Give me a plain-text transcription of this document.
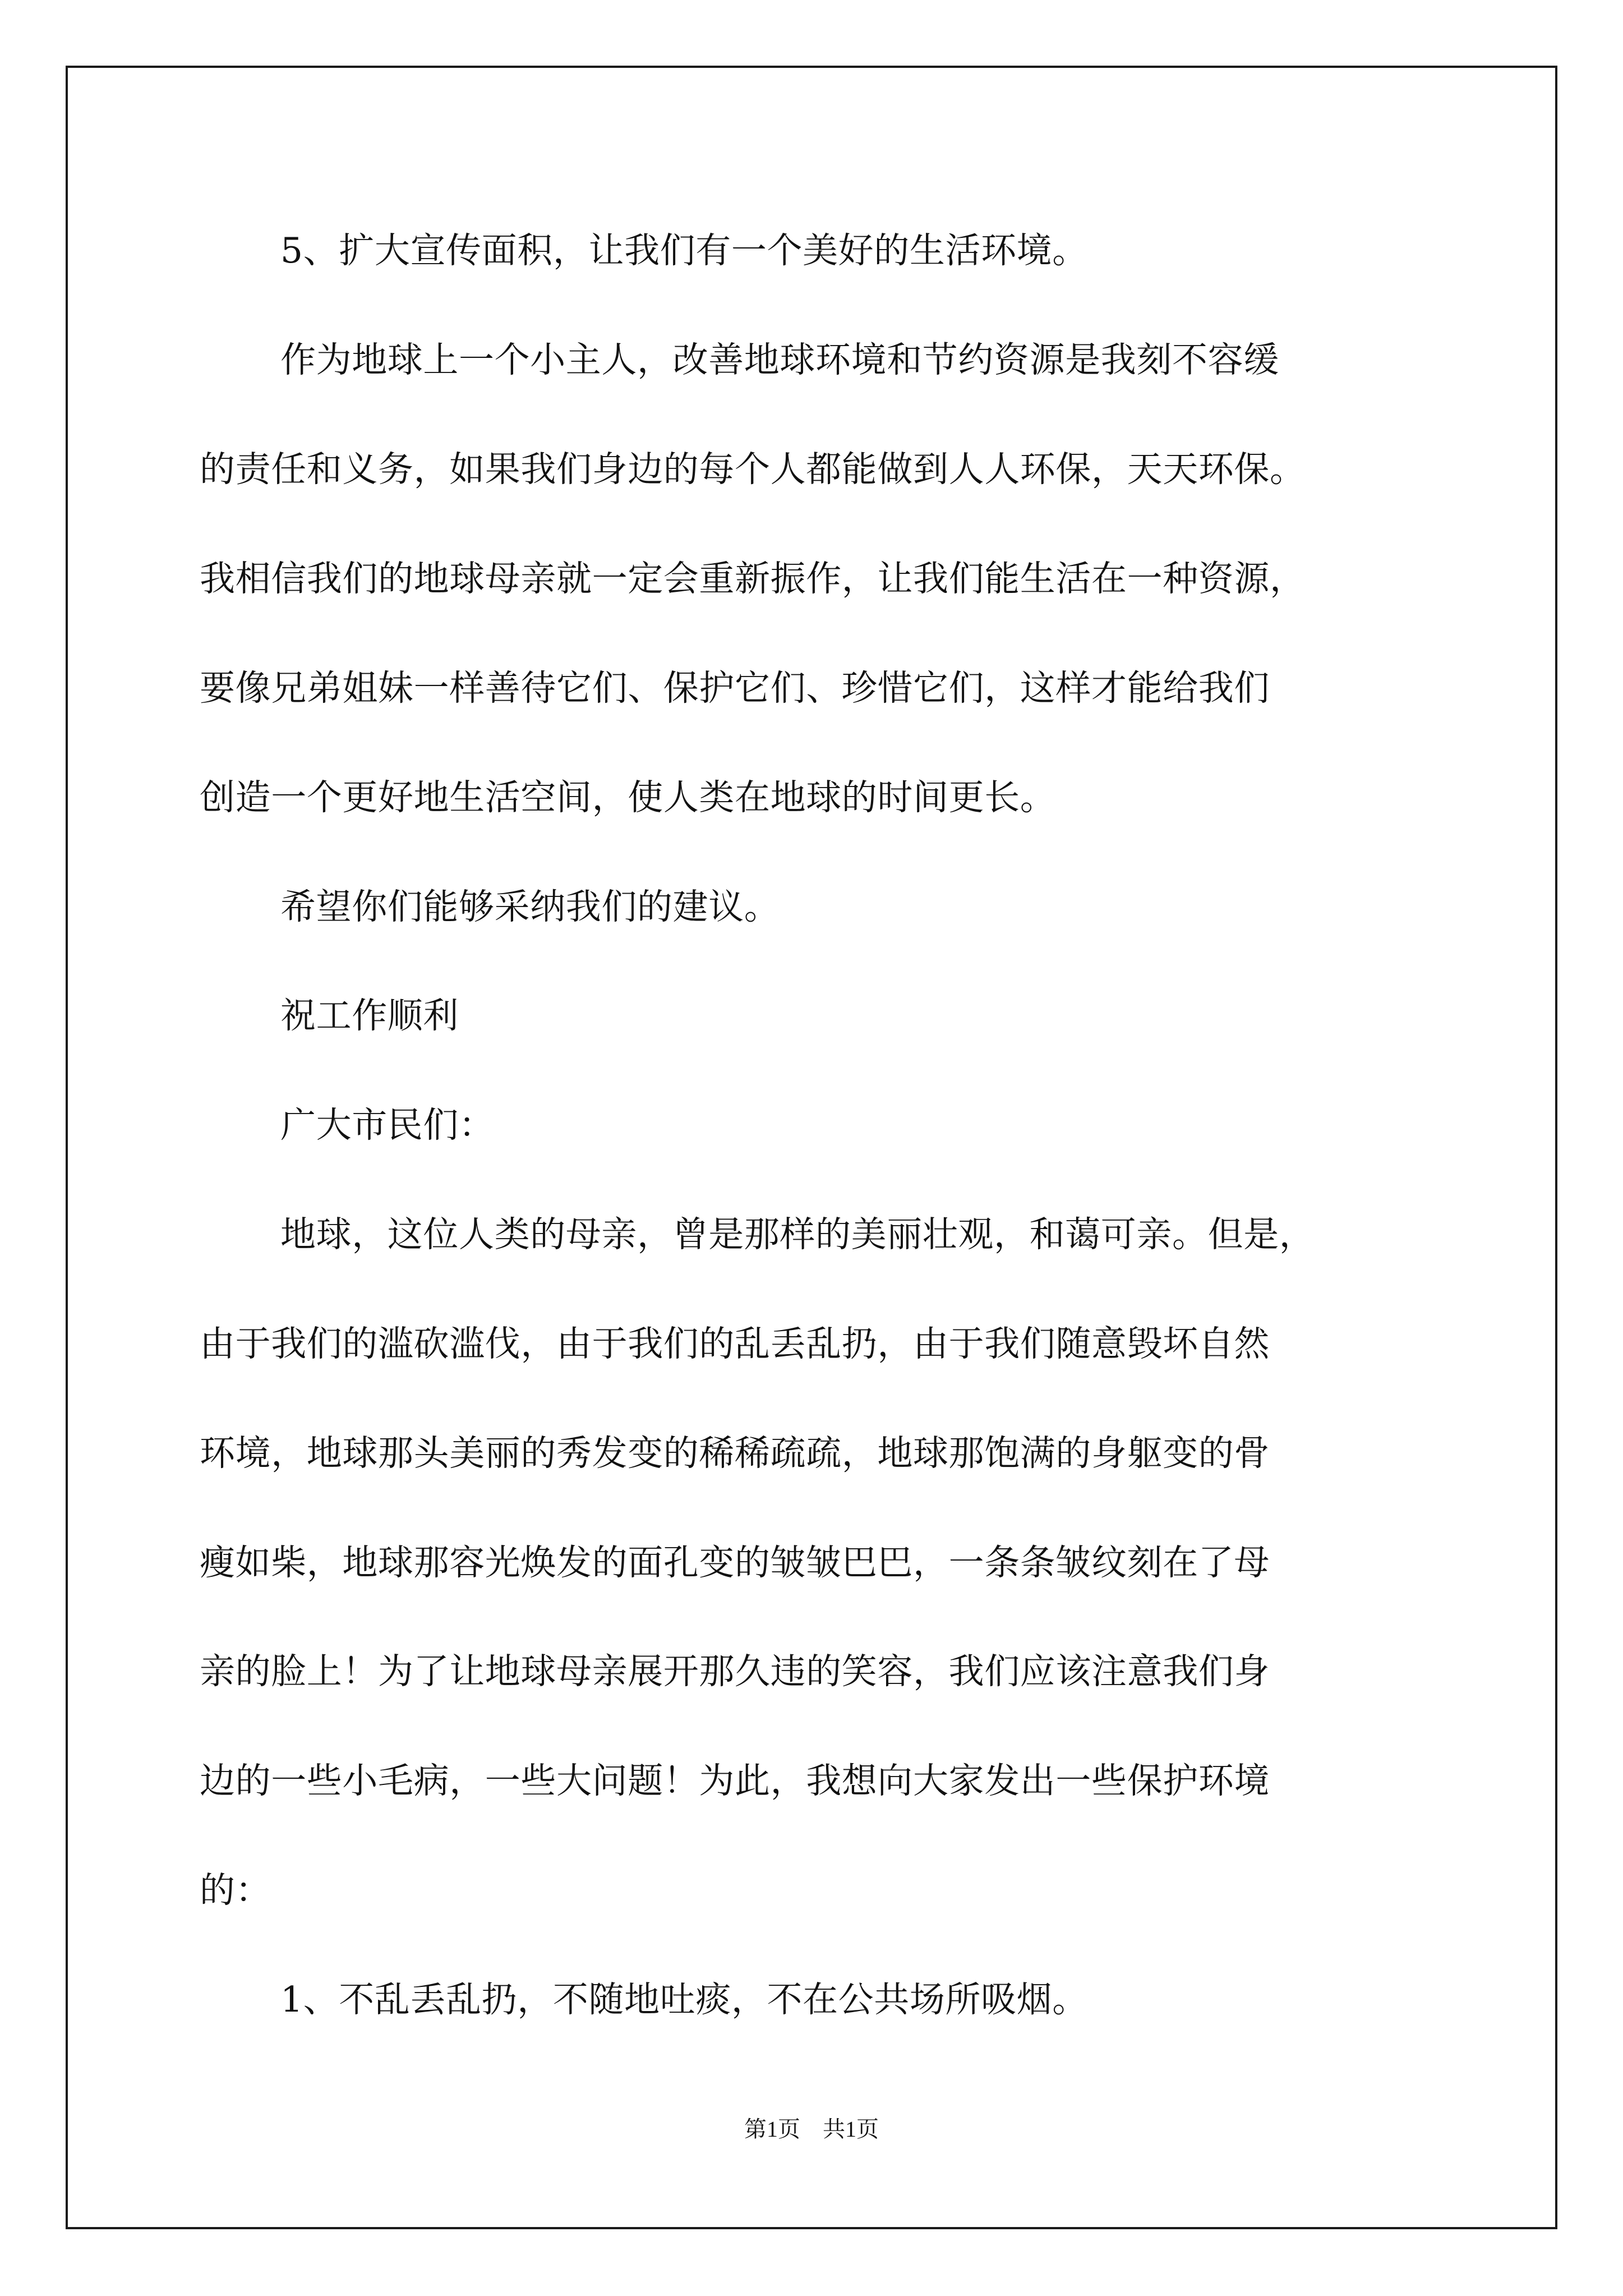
5、扩大宣传面积，让我们有一个美好的生活环境。
作为地球上一个小主人，改善地球环境和节约资源是我刻不容缓
的责任和义务，如果我们身边的每个人都能做到人人环保，天天环保。
我相信我们的地球母亲就一定会重新振作，让我们能生活在一种资源，
要像兄弟姐妹一样善待它们、保护它们、珍惜它们，这样才能给我们
创造一个更好地生活空间，使人类在地球的时间更长。
希望你们能够采纳我们的建议。
祝工作顺利
广大市民们：
地球，这位人类的母亲，曾是那样的美丽壮观，和蔼可亲。但是，
由于我们的滥砍滥伐，由于我们的乱丢乱扔，由于我们随意毁坏自然
环境，地球那头美丽的秀发变的稀稀疏疏，地球那饱满的身躯变的骨
瘦如柴，地球那容光焕发的面孔变的皱皱巴巴，一条条皱纹刻在了母
亲的脸上！为了让地球母亲展开那久违的笑容，我们应该注意我们身
边的一些小毛病，一些大问题！为此，我想向大家发出一些保护环境
的：
1、不乱丢乱扔，不随地吐痰，不在公共场所吸烟。
第1页　共1页
